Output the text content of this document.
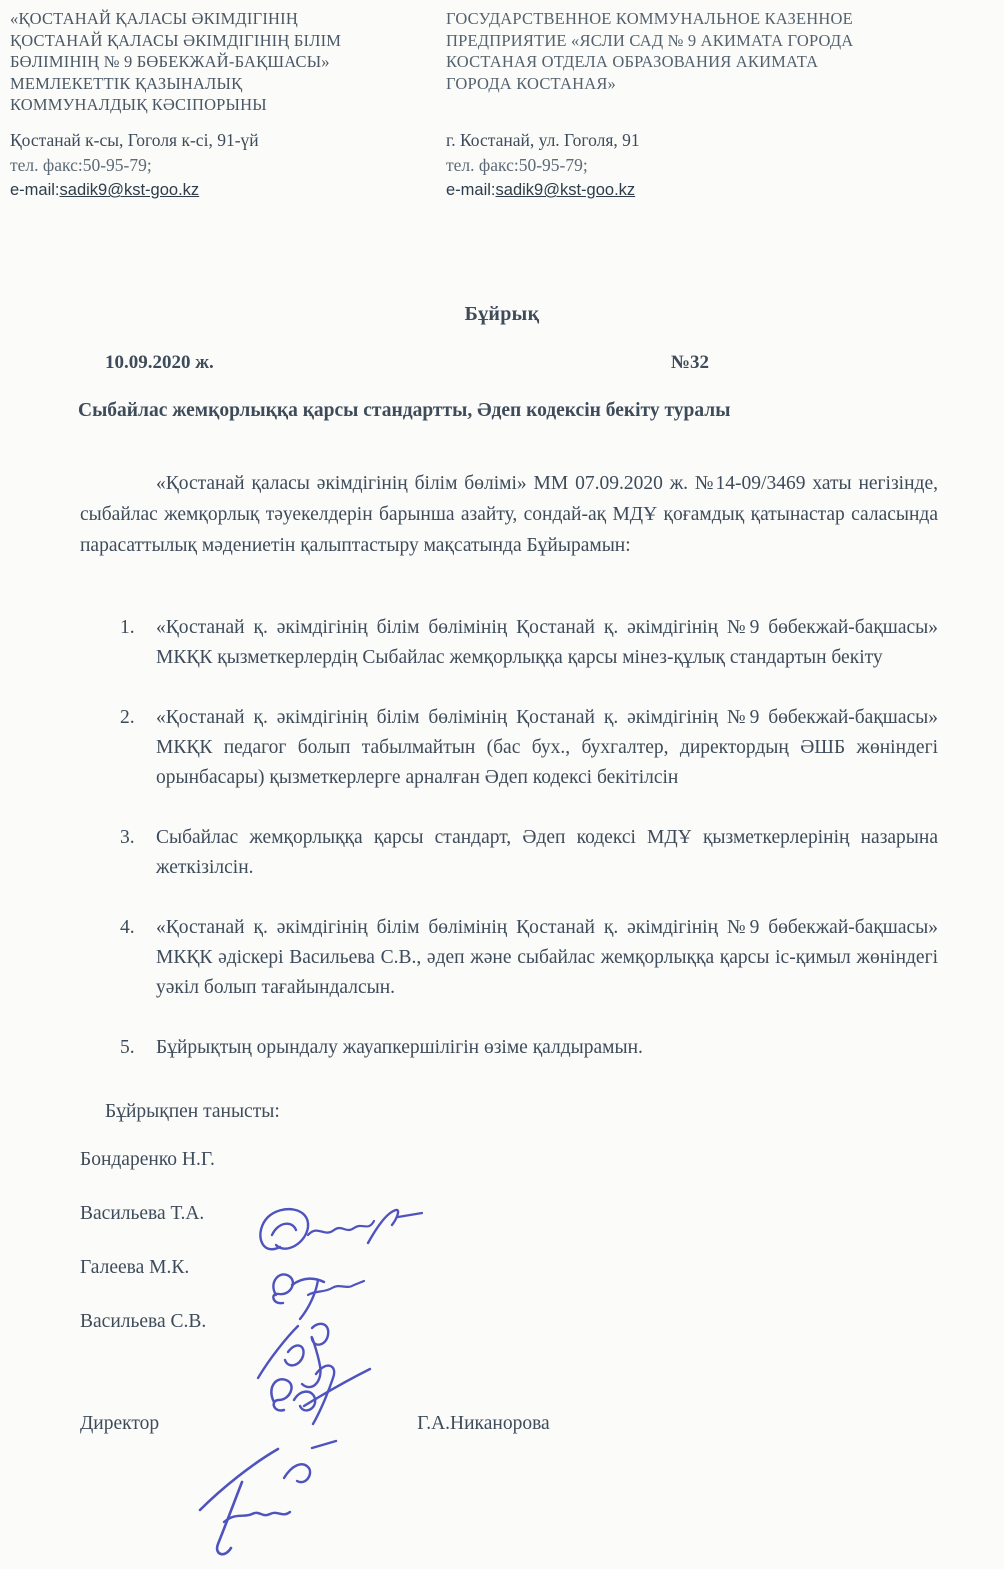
«ҚОСТАНАЙ ҚАЛАСЫ ӘКІМДІГІНІҢ
ҚОСТАНАЙ ҚАЛАСЫ ӘКІМДІГІНІҢ БІЛІМ
БӨЛІМІНІҢ № 9 БӨБЕКЖАЙ-БАҚШАСЫ»
МЕМЛЕКЕТТІК ҚАЗЫНАЛЫҚ
КОММУНАЛДЫҚ КӘСІПОРЫНЫ
Қостанай к-сы, Гоголя к-сі, 91-үй
тел. факс:50-95-79;
e-mail:sadik9@kst-goo.kz
ГОСУДАРСТВЕННОЕ КОММУНАЛЬНОЕ КАЗЕННОЕ
ПРЕДПРИЯТИЕ «ЯСЛИ САД № 9 АКИМАТА ГОРОДА
КОСТАНАЯ ОТДЕЛА ОБРАЗОВАНИЯ АКИМАТА
ГОРОДА КОСТАНАЯ»
г. Костанай, ул. Гоголя, 91
тел. факс:50-95-79;
e-mail:sadik9@kst-goo.kz
Бұйрық
10.09.2020 ж.	№32
Сыбайлас жемқорлыққа қарсы стандартты, Әдеп кодексін бекіту туралы

«Қостанай қаласы әкімдігінің білім бөлімі» ММ 07.09.2020 ж. №14-09/3469 хаты негізінде, сыбайлас жемқорлық тәуекелдерін барынша азайту, сондай-ақ МДҰ қоғамдық қатынастар саласында парасаттылық мәдениетін қалыптастыру мақсатында Бұйырамын:

1.	«Қостанай қ. әкімдігінің білім бөлімінің Қостанай қ. әкімдігінің №9 бөбекжай-бақшасы» МКҚК қызметкерлердің Сыбайлас жемқорлыққа қарсы мінез-құлық стандартын бекіту
2.	«Қостанай қ. әкімдігінің білім бөлімінің Қостанай қ. әкімдігінің №9 бөбекжай-бақшасы» МКҚК педагог болып табылмайтын (бас бух., бухгалтер, директордың ӘШБ жөніндегі орынбасары) қызметкерлерге арналған Әдеп кодексі бекітілсін
3.	Сыбайлас жемқорлыққа қарсы стандарт, Әдеп кодексі МДҰ қызметкерлерінің назарына жеткізілсін.
4.	«Қостанай қ. әкімдігінің білім бөлімінің Қостанай қ. әкімдігінің №9 бөбекжай-бақшасы» МКҚК әдіскері Васильева С.В., әдеп және сыбайлас жемқорлыққа қарсы іс-қимыл жөніндегі уәкіл болып тағайындалсын.
5.	Бұйрықтың орындалу жауапкершілігін өзіме қалдырамын.
Бұйрықпен танысты:
Бондаренко Н.Г.
Васильева Т.А.
Галеева М.К.
Васильева С.В.
Директор	Г.А.Никанорова
